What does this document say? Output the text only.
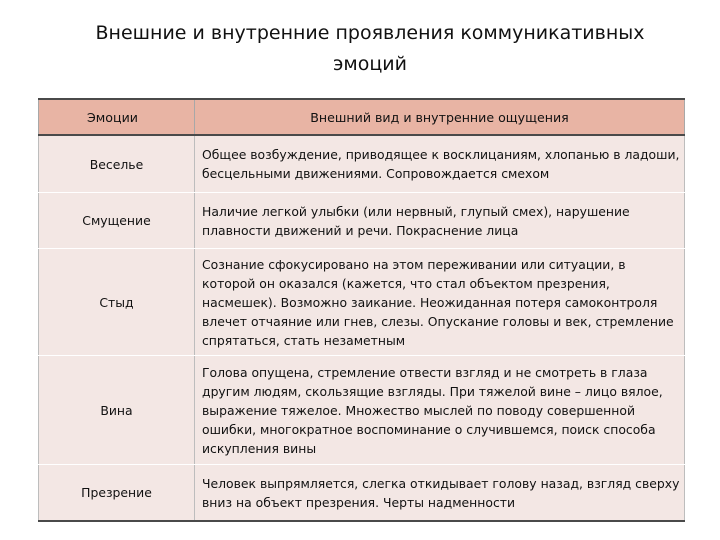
Внешние и внутренние проявления коммуникативных
эмоций
Эмоции	Внешний вид и внутренние ощущения
Веселье	Общее возбуждение, приводящее к восклицаниям, хлопанью в ладоши, бесцельными движениями. Сопровождается смехом
Смущение	Наличие легкой улыбки (или нервный, глупый смех), нарушение плавности движений и речи. Покраснение лица
Стыд	Сознание сфокусировано на этом переживании или ситуации, в которой он оказался (кажется, что стал объектом презрения, насмешек). Возможно заикание. Неожиданная потеря самоконтроля влечет отчаяние или гнев, слезы. Опускание головы и век, стремление спрятаться, стать незаметным
Вина	Голова опущена, стремление отвести взгляд и не смотреть в глаза другим людям, скользящие взгляды. При тяжелой вине – лицо вялое, выражение тяжелое. Множество мыслей по поводу совершенной ошибки, многократное воспоминание о случившемся, поиск способа искупления вины
Презрение	Человек выпрямляется, слегка откидывает голову назад, взгляд сверху вниз на объект презрения. Черты надменности
